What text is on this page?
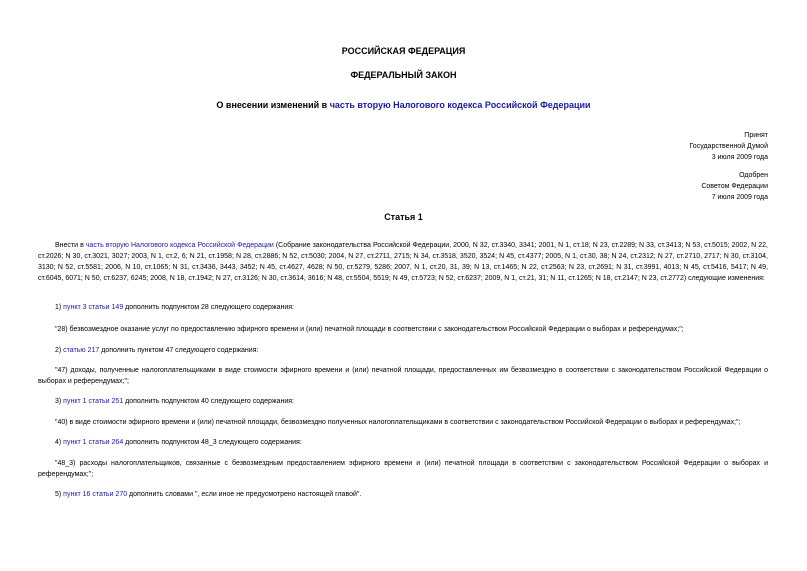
РОССИЙСКАЯ ФЕДЕРАЦИЯ
ФЕДЕРАЛЬНЫЙ ЗАКОН
О внесении изменений в часть вторую Налогового кодекса Российской Федерации
Принят
Государственной Думой
3 июля 2009 года
Одобрен
Советом Федерации
7 июля 2009 года
Статья 1
Внести в часть вторую Налогового кодекса Российской Федерации (Собрание законодательства Российской Федерации, 2000, N 32, ст.3340, 3341; 2001, N 1, ст.18; N 23, ст.2289; N 33, ст.3413; N 53, ст.5015; 2002, N 22, ст.2026; N 30, ст.3021, 3027; 2003, N 1, ст.2, 6; N 21, ст.1958; N 28, ст.2886; N 52, ст.5030; 2004, N 27, ст.2711, 2715; N 34, ст.3518, 3520, 3524; N 45, ст.4377; 2005, N 1, ст.30, 38; N 24, ст.2312; N 27, ст.2710, 2717; N 30, ст.3104, 3130; N 52, ст.5581; 2006, N 10, ст.1065; N 31, ст.3436, 3443, 3452; N 45, ст.4627, 4628; N 50, ст.5279, 5286; 2007, N 1, ст.20, 31, 39; N 13, ст.1465; N 22, ст.2563; N 23, ст.2691; N 31, ст.3991, 4013; N 45, ст.5416, 5417; N 49, ст.6045, 6071; N 50, ст.6237, 6245; 2008, N 18, ст.1942; N 27, ст.3126; N 30, ст.3614, 3616; N 48, ст.5504, 5519; N 49, ст.5723; N 52, ст.6237; 2009, N 1, ст.21, 31; N 11, ст.1265; N 18, ст.2147; N 23, ст.2772) следующие изменения:
1) пункт 3 статьи 149 дополнить подпунктом 28 следующего содержания:
"28) безвозмездное оказание услуг по предоставлению эфирного времени и (или) печатной площади в соответствии с законодательством Российской Федерации о выборах и референдумах;";
2) статью 217 дополнить пунктом 47 следующего содержания:
"47) доходы, полученные налогоплательщиками в виде стоимости эфирного времени и (или) печатной площади, предоставленных им безвозмездно в соответствии с законодательством Российской Федерации о выборах и референдумах;";
3) пункт 1 статьи 251 дополнить подпунктом 40 следующего содержания:
"40) в виде стоимости эфирного времени и (или) печатной площади, безвозмездно полученных налогоплательщиками в соответствии с законодательством Российской Федерации о выборах и референдумах;";
4) пункт 1 статьи 264 дополнить подпунктом 48_3 следующего содержания:
"48_3) расходы налогоплательщиков, связанные с безвозмездным предоставлением эфирного времени и (или) печатной площади в соответствии с законодательством Российской Федерации о выборах и референдумах;";
5) пункт 16 статьи 270 дополнить словами ", если иное не предусмотрено настоящей главой".
